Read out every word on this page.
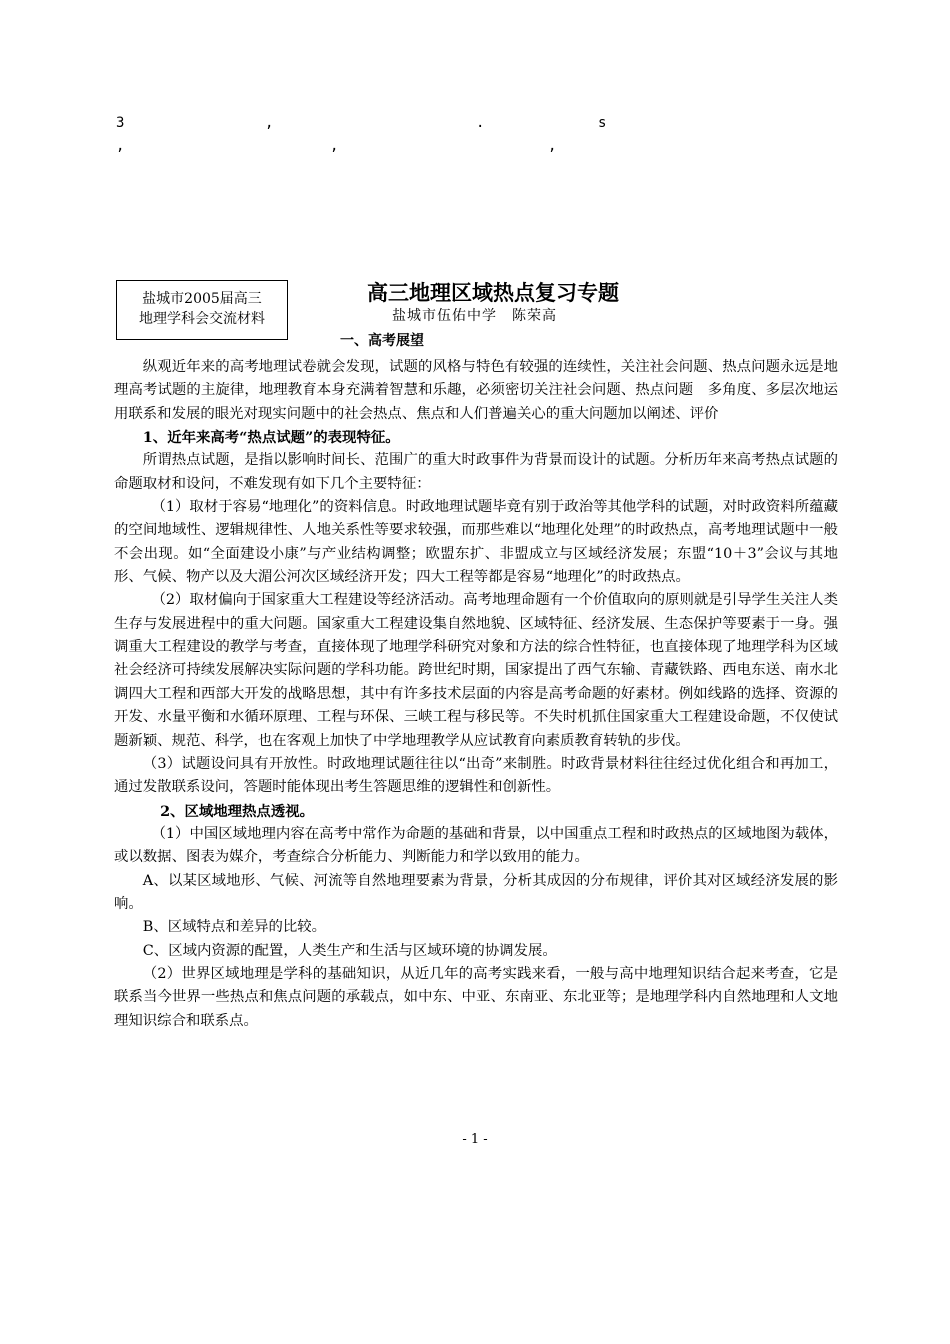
3	,	.	s
,	,	,
盐城市2005届高三
地理学科会交流材料
高三地理区域热点复习专题
盐城市伍佑中学　陈荣高
一、高考展望

纵观近年来的高考地理试卷就会发现，试题的风格与特色有较强的连续性，关注社会问题、热点问题永远是地理高考试题的主旋律，地理教育本身充满着智慧和乐趣，必须密切关注社会问题、热点问题　多角度、多层次地运用联系和发展的眼光对现实问题中的社会热点、焦点和人们普遍关心的重大问题加以阐述、评价

1、近年来高考“热点试题”的表现特征。

所谓热点试题，是指以影响时间长、范围广的重大时政事件为背景而设计的试题。分析历年来高考热点试题的命题取材和设问，不难发现有如下几个主要特征：

（1）取材于容易“地理化”的资料信息。时政地理试题毕竟有别于政治等其他学科的试题，对时政资料所蕴藏的空间地域性、逻辑规律性、人地关系性等要求较强，而那些难以“地理化处理”的时政热点，高考地理试题中一般不会出现。如“全面建设小康”与产业结构调整；欧盟东扩、非盟成立与区域经济发展；东盟“10＋3”会议与其地形、气候、物产以及大湄公河次区域经济开发；四大工程等都是容易“地理化”的时政热点。

（2）取材偏向于国家重大工程建设等经济活动。高考地理命题有一个价值取向的原则就是引导学生关注人类生存与发展进程中的重大问题。国家重大工程建设集自然地貌、区域特征、经济发展、生态保护等要素于一身。强调重大工程建设的教学与考查，直接体现了地理学科研究对象和方法的综合性特征，也直接体现了地理学科为区域社会经济可持续发展解决实际问题的学科功能。跨世纪时期，国家提出了西气东输、青藏铁路、西电东送、南水北调四大工程和西部大开发的战略思想，其中有许多技术层面的内容是高考命题的好素材。例如线路的选择、资源的开发、水量平衡和水循环原理、工程与环保、三峡工程与移民等。不失时机抓住国家重大工程建设命题，不仅使试题新颖、规范、科学，也在客观上加快了中学地理教学从应试教育向素质教育转轨的步伐。

（3）试题设问具有开放性。时政地理试题往往以“出奇”来制胜。时政背景材料往往经过优化组合和再加工，通过发散联系设问，答题时能体现出考生答题思维的逻辑性和创新性。

2、区域地理热点透视。

（1）中国区域地理内容在高考中常作为命题的基础和背景，以中国重点工程和时政热点的区域地图为载体，或以数据、图表为媒介，考查综合分析能力、判断能力和学以致用的能力。

A、以某区域地形、气候、河流等自然地理要素为背景，分析其成因的分布规律，评价其对区域经济发展的影响。

B、区域特点和差异的比较。

C、区域内资源的配置，人类生产和生活与区域环境的协调发展。

（2）世界区域地理是学科的基础知识，从近几年的高考实践来看，一般与高中地理知识结合起来考查，它是联系当今世界一些热点和焦点问题的承载点，如中东、中亚、东南亚、东北亚等；是地理学科内自然地理和人文地理知识综合和联系点。

- 1 -
